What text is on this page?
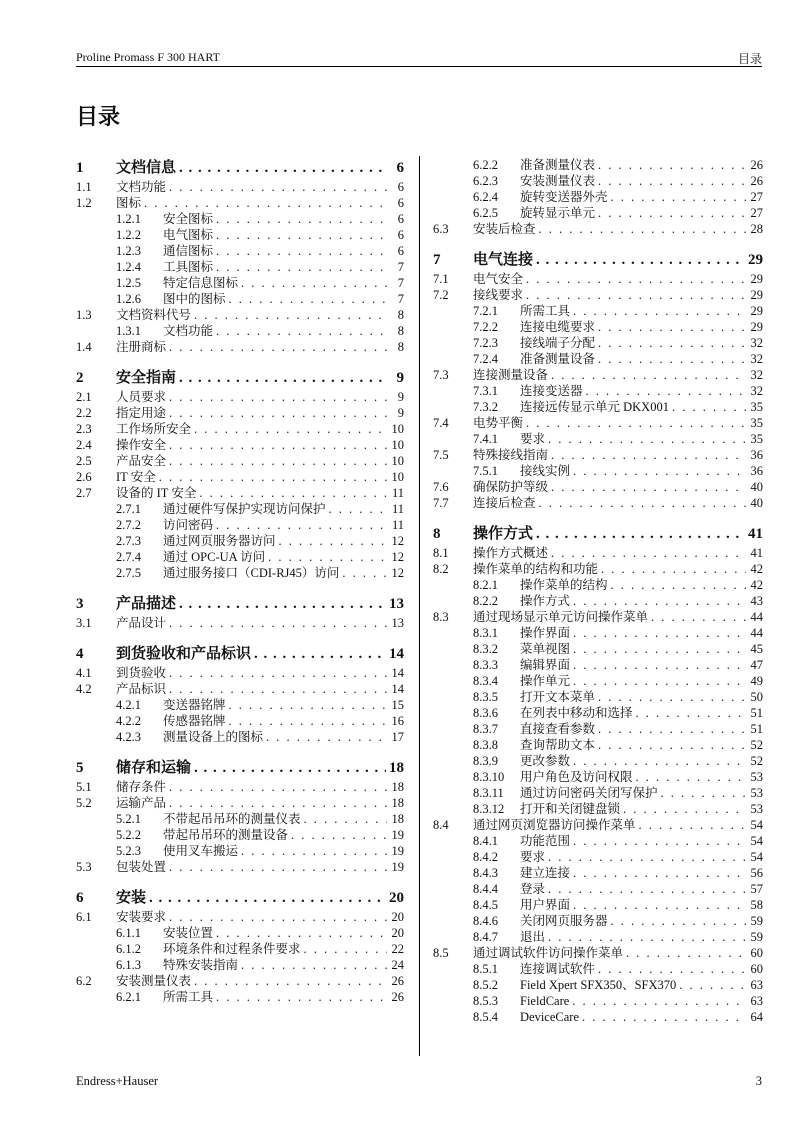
Proline Promass F 300 HART	目录
目录
1	文档信息 . . .	6
1.1	文档功能 . . .	6
1.2	图标 . . .	6
1.2.1	安全图标 . . .	6
1.2.2	电气图标 . . .	6
1.2.3	通信图标 . . .	6
1.2.4	工具图标 . . .	7
1.2.5	特定信息图标 . . .	7
1.2.6	图中的图标 . . .	7
1.3	文档资料代号 . . .	8
1.3.1	文档功能 . . .	8
1.4	注册商标 . . .	8
2	安全指南 . . .	9
2.1	人员要求 . . .	9
2.2	指定用途 . . .	9
2.3	工作场所安全 . . .	10
2.4	操作安全 . . .	10
2.5	产品安全 . . .	10
2.6	IT 安全 . . .	10
2.7	设备的 IT 安全 . . .	11
2.7.1	通过硬件写保护实现访问保护 . . .	11
2.7.2	访问密码 . . .	11
2.7.3	通过网页服务器访问 . . .	12
2.7.4	通过 OPC-UA 访问 . . .	12
2.7.5	通过服务接口（CDI-RJ45）访问 . . .	12
3	产品描述 . . .	13
3.1	产品设计 . . .	13
4	到货验收和产品标识 . . .	14
4.1	到货验收 . . .	14
4.2	产品标识 . . .	14
4.2.1	变送器铭牌 . . .	15
4.2.2	传感器铭牌 . . .	16
4.2.3	测量设备上的图标 . . .	17
5	储存和运输 . . .	18
5.1	储存条件 . . .	18
5.2	运输产品 . . .	18
5.2.1	不带起吊吊环的测量仪表 . . .	18
5.2.2	带起吊吊环的测量设备 . . .	19
5.2.3	使用叉车搬运 . . .	19
5.3	包装处置 . . .	19
6	安装 . . .	20
6.1	安装要求 . . .	20
6.1.1	安装位置 . . .	20
6.1.2	环境条件和过程条件要求 . . .	22
6.1.3	特殊安装指南 . . .	24
6.2	安装测量仪表 . . .	26
6.2.1	所需工具 . . .	26
6.2.2	准备测量仪表 . . .	26
6.2.3	安装测量仪表 . . .	26
6.2.4	旋转变送器外壳 . . .	27
6.2.5	旋转显示单元 . . .	27
6.3	安装后检查 . . .	28
7	电气连接 . . .	29
7.1	电气安全 . . .	29
7.2	接线要求 . . .	29
7.2.1	所需工具 . . .	29
7.2.2	连接电缆要求 . . .	29
7.2.3	接线端子分配 . . .	32
7.2.4	准备测量设备 . . .	32
7.3	连接测量设备 . . .	32
7.3.1	连接变送器 . . .	32
7.3.2	连接远传显示单元 DKX001 . . .	35
7.4	电势平衡 . . .	35
7.4.1	要求 . . .	35
7.5	特殊接线指南 . . .	36
7.5.1	接线实例 . . .	36
7.6	确保防护等级 . . .	40
7.7	连接后检查 . . .	40
8	操作方式 . . .	41
8.1	操作方式概述 . . .	41
8.2	操作菜单的结构和功能 . . .	42
8.2.1	操作菜单的结构 . . .	42
8.2.2	操作方式 . . .	43
8.3	通过现场显示单元访问操作菜单 . . .	44
8.3.1	操作界面 . . .	44
8.3.2	菜单视图 . . .	45
8.3.3	编辑界面 . . .	47
8.3.4	操作单元 . . .	49
8.3.5	打开文本菜单 . . .	50
8.3.6	在列表中移动和选择 . . .	51
8.3.7	直接查看参数 . . .	51
8.3.8	查询帮助文本 . . .	52
8.3.9	更改参数 . . .	52
8.3.10	用户角色及访问权限 . . .	53
8.3.11	通过访问密码关闭写保护 . . .	53
8.3.12	打开和关闭键盘锁 . . .	53
8.4	通过网页浏览器访问操作菜单 . . .	54
8.4.1	功能范围 . . .	54
8.4.2	要求 . . .	54
8.4.3	建立连接 . . .	56
8.4.4	登录 . . .	57
8.4.5	用户界面 . . .	58
8.4.6	关闭网页服务器 . . .	59
8.4.7	退出 . . .	59
8.5	通过调试软件访问操作菜单 . . .	60
8.5.1	连接调试软件 . . .	60
8.5.2	Field Xpert SFX350、SFX370 . . .	63
8.5.3	FieldCare . . .	63
8.5.4	DeviceCare . . .	64
Endress+Hauser	3
